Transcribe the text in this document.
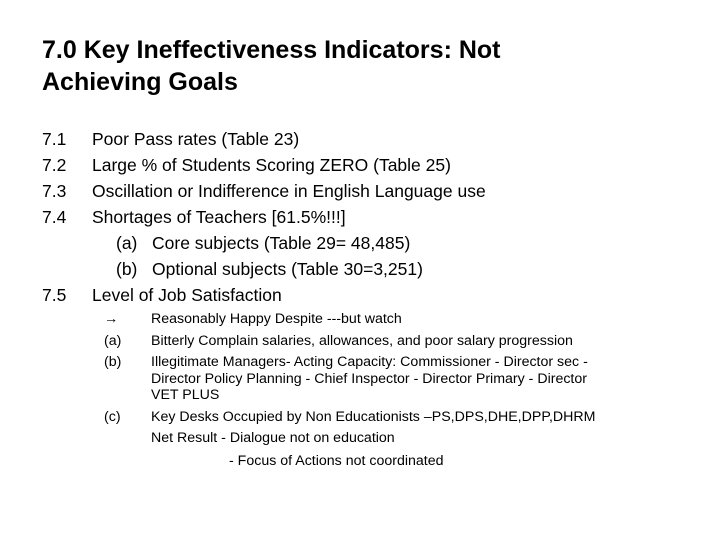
7.0 Key Ineffectiveness Indicators: Not
Achieving Goals
7.1 Poor Pass rates (Table 23)
7.2 Large % of Students Scoring ZERO (Table 25)
7.3 Oscillation or Indifference in English Language use
7.4 Shortages of Teachers [61.5%!!!]
(a) Core subjects (Table 29= 48,485)
(b) Optional subjects (Table 30=3,251)
7.5 Level of Job Satisfaction
→	Reasonably Happy Despite ---but watch
(a)	Bitterly Complain salaries, allowances, and poor salary progression
(b)	Illegitimate Managers- Acting Capacity: Commissioner - Director sec -
Director Policy Planning - Chief Inspector - Director Primary - Director
VET PLUS
(c)	Key Desks Occupied by Non Educationists –PS,DPS,DHE,DPP,DHRM
Net Result - Dialogue not on education
- Focus of Actions not coordinated
